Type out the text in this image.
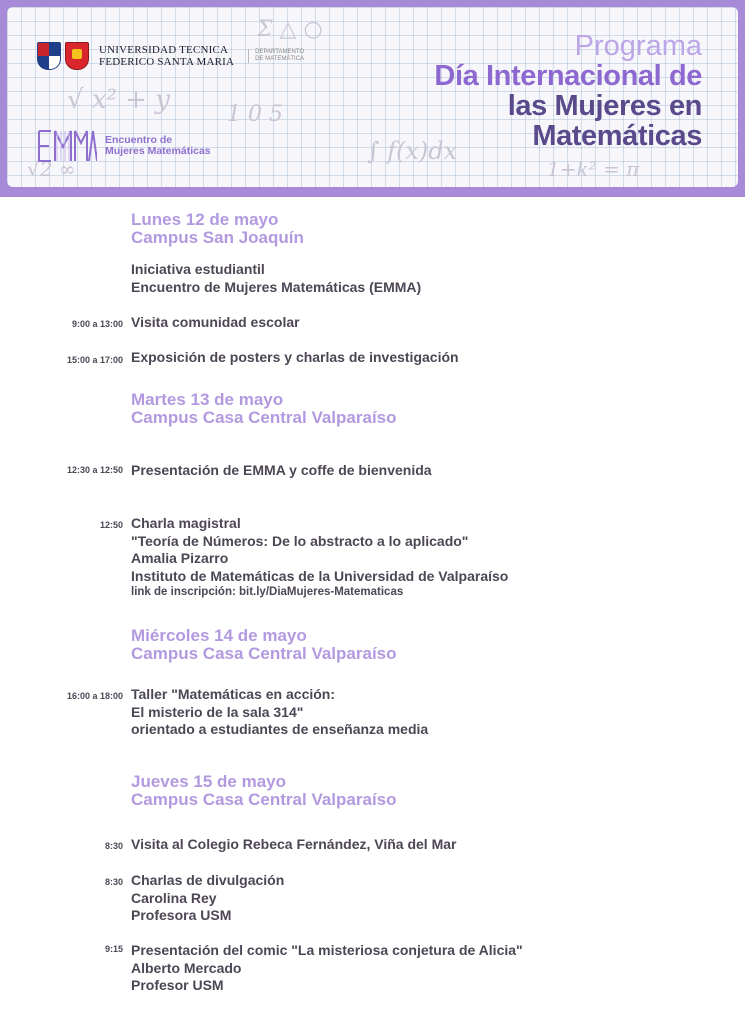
√ x² + y	1 0 5
∫ f(x)dx
1+k² = π
√2 ∞
Σ △ ○
UNIVERSIDAD TECNICA
FEDERICO SANTA MARIA
DEPARTAMENTO
DE MATEMÁTICA
Encuentro de
Mujeres Matemáticas
Programa
Día Internacional de
las Mujeres en
Matemáticas
Lunes 12 de mayo
Campus San Joaquín
Iniciativa estudiantil
Encuentro de Mujeres Matemáticas (EMMA)
9:00 a 13:00 Visita comunidad escolar
15:00 a 17:00 Exposición de posters y charlas de investigación
Martes 13 de mayo
Campus Casa Central Valparaíso
12:30 a 12:50 Presentación de EMMA y coffe de bienvenida
12:50 Charla magistral
"Teoría de Números: De lo abstracto a lo aplicado"
Amalia Pizarro
Instituto de Matemáticas de la Universidad de Valparaíso
link de inscripción: bit.ly/DiaMujeres-Matematicas
Miércoles 14 de mayo
Campus Casa Central Valparaíso
16:00 a 18:00 Taller "Matemáticas en acción:
El misterio de la sala 314"
orientado a estudiantes de enseñanza media
Jueves 15 de mayo
Campus Casa Central Valparaíso
8:30 Visita al Colegio Rebeca Fernández, Viña del Mar
8:30 Charlas de divulgación
Carolina Rey
Profesora USM
9:15 Presentación del comic "La misteriosa conjetura de Alicia"
Alberto Mercado
Profesor USM
